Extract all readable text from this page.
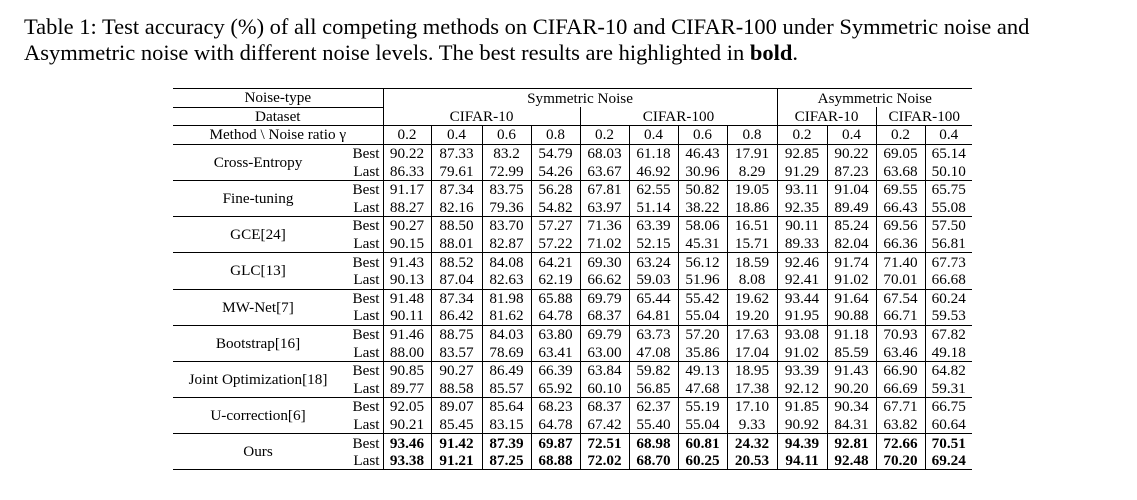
Table 1: Test accuracy (%) of all competing methods on CIFAR-10 and CIFAR-100 under Symmetric noise and Asymmetric noise with different noise levels. The best results are highlighted in bold.
Noise-type		Symmetric Noise								Asymmetric Noise			
Dataset		CIFAR-10				CIFAR-100				CIFAR-10		CIFAR-100	
Method \ Noise ratio γ		0.2	0.4	0.6	0.8	0.2	0.4	0.6	0.8	0.2	0.4	0.2	0.4
Cross-Entropy	Best	90.22	87.33	83.2	54.79	68.03	61.18	46.43	17.91	92.85	90.22	69.05	65.14
	Last	86.33	79.61	72.99	54.26	63.67	46.92	30.96	8.29	91.29	87.23	63.68	50.10
Fine-tuning	Best	91.17	87.34	83.75	56.28	67.81	62.55	50.82	19.05	93.11	91.04	69.55	65.75
	Last	88.27	82.16	79.36	54.82	63.97	51.14	38.22	18.86	92.35	89.49	66.43	55.08
GCE[24]	Best	90.27	88.50	83.70	57.27	71.36	63.39	58.06	16.51	90.11	85.24	69.56	57.50
	Last	90.15	88.01	82.87	57.22	71.02	52.15	45.31	15.71	89.33	82.04	66.36	56.81
GLC[13]	Best	91.43	88.52	84.08	64.21	69.30	63.24	56.12	18.59	92.46	91.74	71.40	67.73
	Last	90.13	87.04	82.63	62.19	66.62	59.03	51.96	8.08	92.41	91.02	70.01	66.68
MW-Net[7]	Best	91.48	87.34	81.98	65.88	69.79	65.44	55.42	19.62	93.44	91.64	67.54	60.24
	Last	90.11	86.42	81.62	64.78	68.37	64.81	55.04	19.20	91.95	90.88	66.71	59.53
Bootstrap[16]	Best	91.46	88.75	84.03	63.80	69.79	63.73	57.20	17.63	93.08	91.18	70.93	67.82
	Last	88.00	83.57	78.69	63.41	63.00	47.08	35.86	17.04	91.02	85.59	63.46	49.18
Joint Optimization[18]	Best	90.85	90.27	86.49	66.39	63.84	59.82	49.13	18.95	93.39	91.43	66.90	64.82
	Last	89.77	88.58	85.57	65.92	60.10	56.85	47.68	17.38	92.12	90.20	66.69	59.31
U-correction[6]	Best	92.05	89.07	85.64	68.23	68.37	62.37	55.19	17.10	91.85	90.34	67.71	66.75
	Last	90.21	85.45	83.15	64.78	67.42	55.40	55.04	9.33	90.92	84.31	63.82	60.64
Ours	Best	93.46	91.42	87.39	69.87	72.51	68.98	60.81	24.32	94.39	92.81	72.66	70.51
	Last	93.38	91.21	87.25	68.88	72.02	68.70	60.25	20.53	94.11	92.48	70.20	69.24
